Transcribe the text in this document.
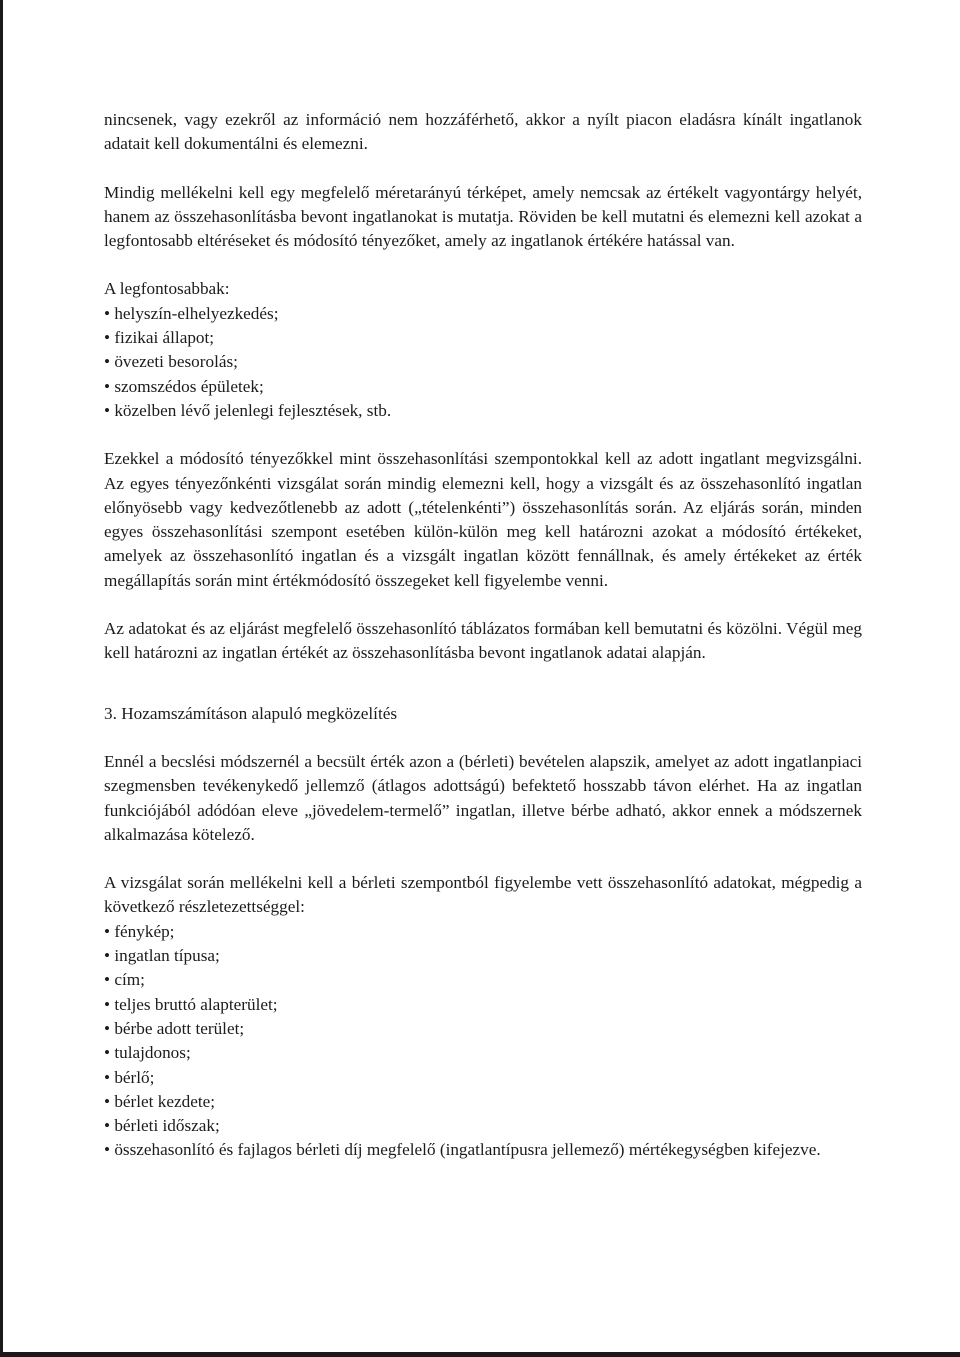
nincsenek, vagy ezekről az információ nem hozzáférhető, akkor a nyílt piacon eladásra kínált ingatlanok adatait kell dokumentálni és elemezni.

Mindig mellékelni kell egy megfelelő méretarányú térképet, amely nemcsak az értékelt vagyontárgy helyét, hanem az összehasonlításba bevont ingatlanokat is mutatja. Röviden be kell mutatni és elemezni kell azokat a legfontosabb eltéréseket és módosító tényezőket, amely az ingatlanok értékére hatással van.

A legfontosabbak:

• helyszín-elhelyezkedés;
• fizikai állapot;
• övezeti besorolás;
• szomszédos épületek;
• közelben lévő jelenlegi fejlesztések, stb.

Ezekkel a módosító tényezőkkel mint összehasonlítási szempontokkal kell az adott ingatlant megvizsgálni. Az egyes tényezőnkénti vizsgálat során mindig elemezni kell, hogy a vizsgált és az összehasonlító ingatlan előnyösebb vagy kedvezőtlenebb az adott („tételenkénti”) összehasonlítás során. Az eljárás során, minden egyes összehasonlítási szempont esetében külön-külön meg kell határozni azokat a módosító értékeket, amelyek az összehasonlító ingatlan és a vizsgált ingatlan között fennállnak, és amely értékeket az érték megállapítás során mint értékmódosító összegeket kell figyelembe venni.

Az adatokat és az eljárást megfelelő összehasonlító táblázatos formában kell bemutatni és közölni. Végül meg kell határozni az ingatlan értékét az összehasonlításba bevont ingatlanok adatai alapján.

3. Hozamszámításon alapuló megközelítés

Ennél a becslési módszernél a becsült érték azon a (bérleti) bevételen alapszik, amelyet az adott ingatlanpiaci szegmensben tevékenykedő jellemző (átlagos adottságú) befektető hosszabb távon elérhet. Ha az ingatlan funkciójából adódóan eleve „jövedelem-termelő” ingatlan, illetve bérbe adható, akkor ennek a módszernek alkalmazása kötelező.

A vizsgálat során mellékelni kell a bérleti szempontból figyelembe vett összehasonlító adatokat, mégpedig a következő részletezettséggel:

• fénykép;
• ingatlan típusa;
• cím;
• teljes bruttó alapterület;
• bérbe adott terület;
• tulajdonos;
• bérlő;
• bérlet kezdete;
• bérleti időszak;
• összehasonlító és fajlagos bérleti díj megfelelő (ingatlantípusra jellemező) mértékegységben kifejezve.
